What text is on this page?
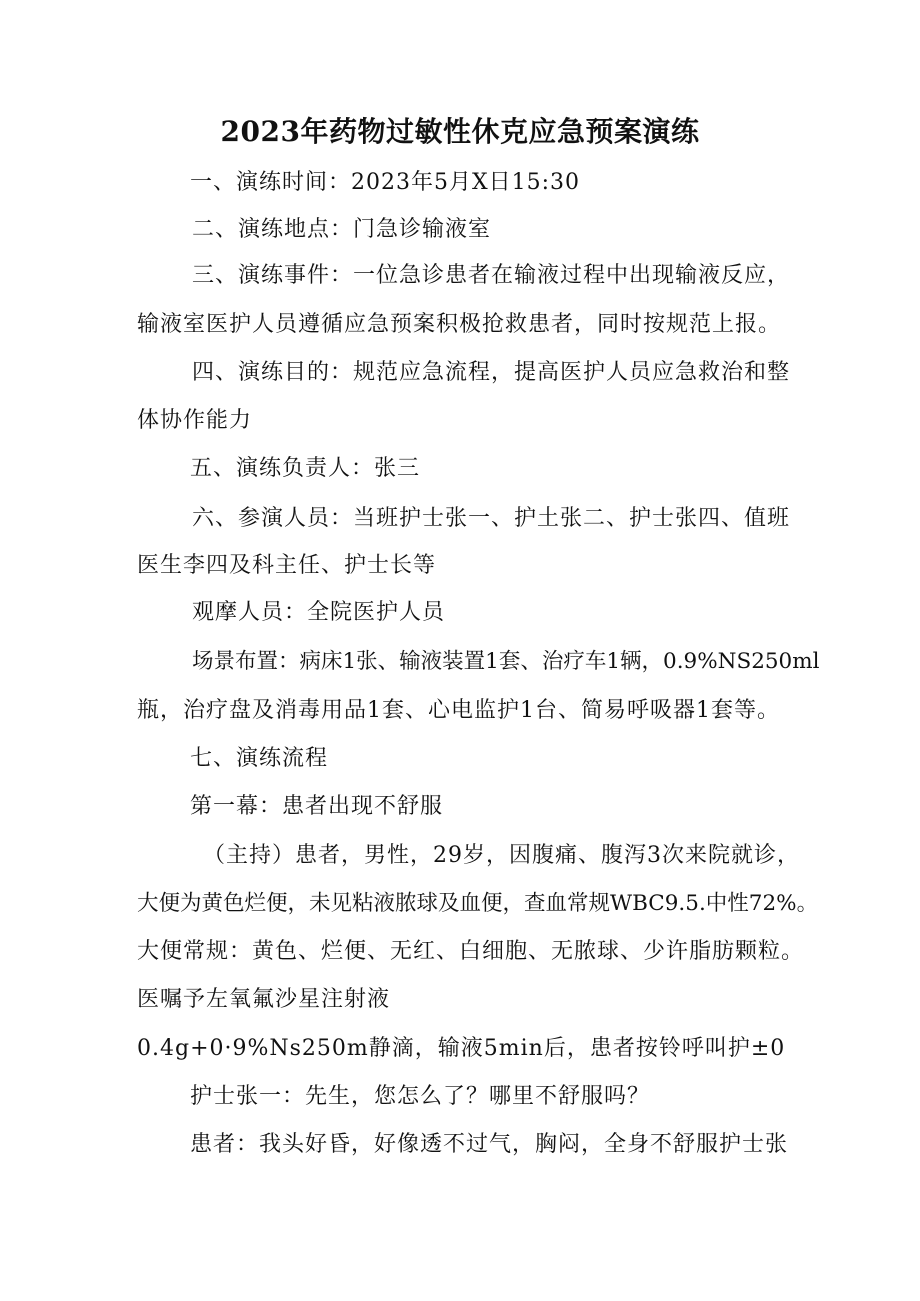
2023年药物过敏性休克应急预案演练
一、演练时间：2023年5月X日15:30
二、演练地点：门急诊输液室
三、演练事件：一位急诊患者在输液过程中出现输液反应，
输液室医护人员遵循应急预案积极抢救患者，同时按规范上报。
四、演练目的：规范应急流程，提高医护人员应急救治和整
体协作能力
五、演练负责人：张三
六、参演人员：当班护士张一、护土张二、护士张四、值班
医生李四及科主任、护士长等
观摩人员：全院医护人员
场景布置：病床1张、输液装置1套、治疗车1辆，0.9%NS250ml
瓶，治疗盘及消毒用品1套、心电监护1台、简易呼吸器1套等。
七、演练流程
第一幕：患者出现不舒服
（主持）患者，男性，29岁，因腹痛、腹泻3次来院就诊，
大便为黄色烂便，未见粘液脓球及血便，查血常规WBC9.5.中性72%。
大便常规：黄色、烂便、无红、白细胞、无脓球、少许脂肪颗粒。
医嘱予左氧氟沙星注射液
0.4g+0·9%Ns250m静滴，输液5min后，患者按铃呼叫护±0
护士张一：先生，您怎么了？哪里不舒服吗？
患者：我头好昏，好像透不过气，胸闷，全身不舒服护士张
